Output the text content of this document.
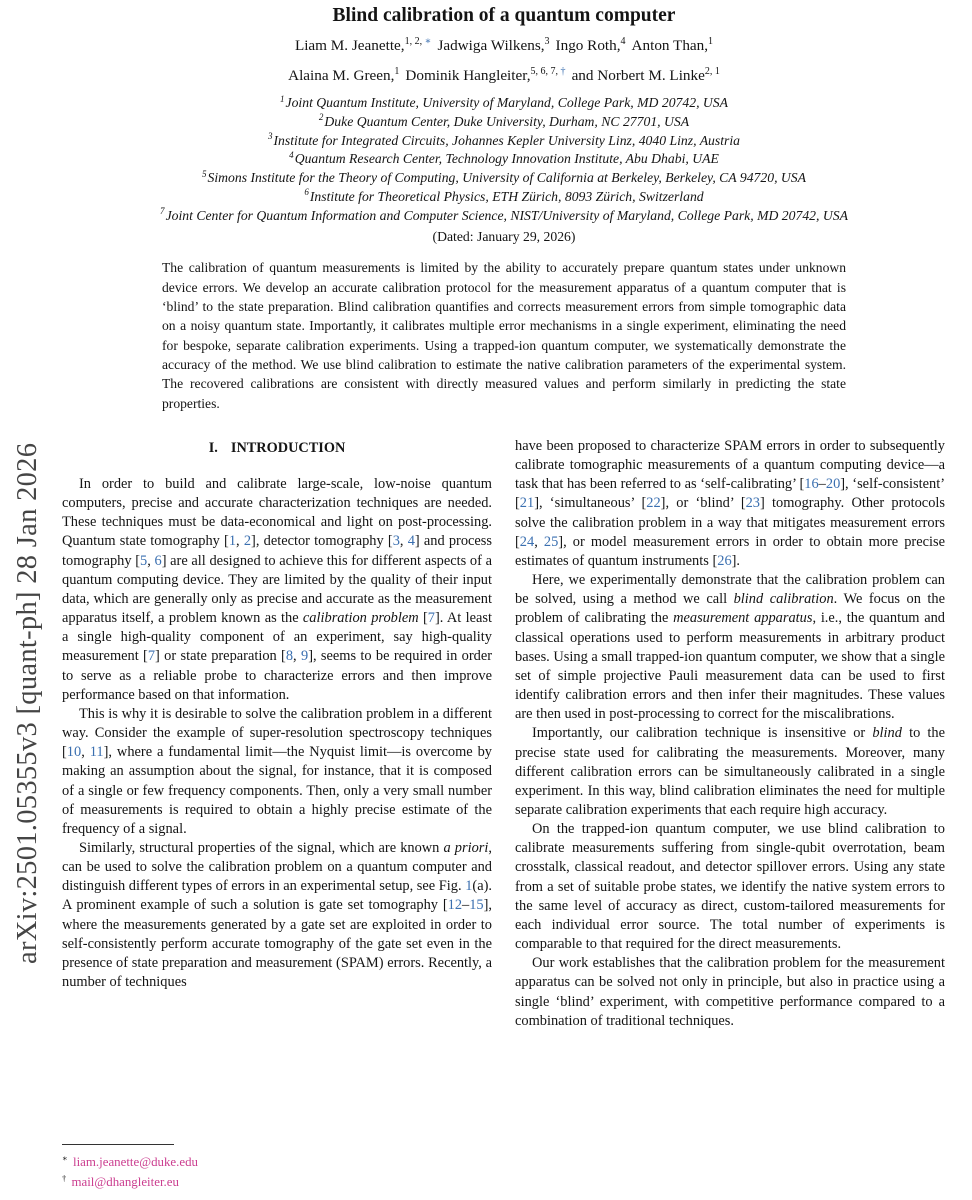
arXiv:2501.05355v3 [quant-ph] 28 Jan 2026
Blind calibration of a quantum computer
Liam M. Jeanette,$^{1, 2, ∗}$ Jadwiga Wilkens,$^3$ Ingo Roth,$^4$ Anton Than,$^1$
Alaina M. Green,$^1$ Dominik Hangleiter,$^{5, 6, 7, \dagger}$ and Norbert M. Linke$^{2, 1}$
$^1$Joint Quantum Institute, University of Maryland, College Park, MD 20742, USA
$^2$Duke Quantum Center, Duke University, Durham, NC 27701, USA
$^3$Institute for Integrated Circuits, Johannes Kepler University Linz, 4040 Linz, Austria
$^4$Quantum Research Center, Technology Innovation Institute, Abu Dhabi, UAE
$^5$Simons Institute for the Theory of Computing, University of California at Berkeley, Berkeley, CA 94720, USA
$^6$Institute for Theoretical Physics, ETH Zürich, 8093 Zürich, Switzerland
$^7$Joint Center for Quantum Information and Computer Science, NIST/University of Maryland, College Park, MD 20742, USA
(Dated: January 29, 2026)
The calibration of quantum measurements is limited by the ability to accurately prepare quantum states under unknown device errors. We develop an accurate calibration protocol for the measurement apparatus of a quantum computer that is ‘blind’ to the state preparation. Blind calibration quantifies and corrects measurement errors from simple tomographic data on a noisy quantum state. Importantly, it calibrates multiple error mechanisms in a single experiment, eliminating the need for bespoke, separate calibration experiments. Using a trapped-ion quantum computer, we systematically demonstrate the accuracy of the method. We use blind calibration to estimate the native calibration parameters of the experimental system. The recovered calibrations are consistent with directly measured values and perform similarly in predicting the state properties.
I. INTRODUCTION

In order to build and calibrate large-scale, low-noise quantum computers, precise and accurate characterization techniques are needed. These techniques must be data-economical and light on post-processing. Quantum state tomography [1, 2], detector tomography [3, 4] and process tomography [5, 6] are all designed to achieve this for different aspects of a quantum computing device. They are limited by the quality of their input data, which are generally only as precise and accurate as the measurement apparatus itself, a problem known as the calibration problem [7]. At least a single high-quality component of an experiment, say high-quality measurement [7] or state preparation [8, 9], seems to be required in order to serve as a reliable probe to characterize errors and then improve performance based on that information.

This is why it is desirable to solve the calibration problem in a different way. Consider the example of super-resolution spectroscopy techniques [10, 11], where a fundamental limit—the Nyquist limit—is overcome by making an assumption about the signal, for instance, that it is composed of a single or few frequency components. Then, only a very small number of measurements is required to obtain a highly precise estimate of the frequency of a signal.

Similarly, structural properties of the signal, which are known a priori, can be used to solve the calibration problem on a quantum computer and distinguish different types of errors in an experimental setup, see Fig. 1(a). A prominent example of such a solution is gate set tomography [12–15], where the measurements generated by a gate set are exploited in order to self-consistently perform accurate tomography of the gate set even in the presence of state preparation and measurement (SPAM) errors. Recently, a number of techniques

∗ liam.jeanette@duke.edu
† mail@dhangleiter.eu

have been proposed to characterize SPAM errors in order to subsequently calibrate tomographic measurements of a quantum computing device—a task that has been referred to as ‘self-calibrating’ [16–20], ‘self-consistent’ [21], ‘simultaneous’ [22], or ‘blind’ [23] tomography. Other protocols solve the calibration problem in a way that mitigates measurement errors [24, 25], or model measurement errors in order to obtain more precise estimates of quantum instruments [26].

Here, we experimentally demonstrate that the calibration problem can be solved, using a method we call blind calibration. We focus on the problem of calibrating the measurement apparatus, i.e., the quantum and classical operations used to perform measurements in arbitrary product bases. Using a small trapped-ion quantum computer, we show that a single set of simple projective Pauli measurement data can be used to first identify calibration errors and then infer their magnitudes. These values are then used in post-processing to correct for the miscalibrations.

Importantly, our calibration technique is insensitive or blind to the precise state used for calibrating the measurements. Moreover, many different calibration errors can be simultaneously calibrated in a single experiment. In this way, blind calibration eliminates the need for multiple separate calibration experiments that each require high accuracy.

On the trapped-ion quantum computer, we use blind calibration to calibrate measurements suffering from single-qubit overrotation, beam crosstalk, classical readout, and detector spillover errors. Using any state from a set of suitable probe states, we identify the native system errors to the same level of accuracy as direct, custom-tailored measurements for each individual error source. The total number of experiments is comparable to that required for the direct measurements.

Our work establishes that the calibration problem for the measurement apparatus can be solved not only in principle, but also in practice using a single ‘blind’ experiment, with competitive performance compared to a combination of traditional techniques.
